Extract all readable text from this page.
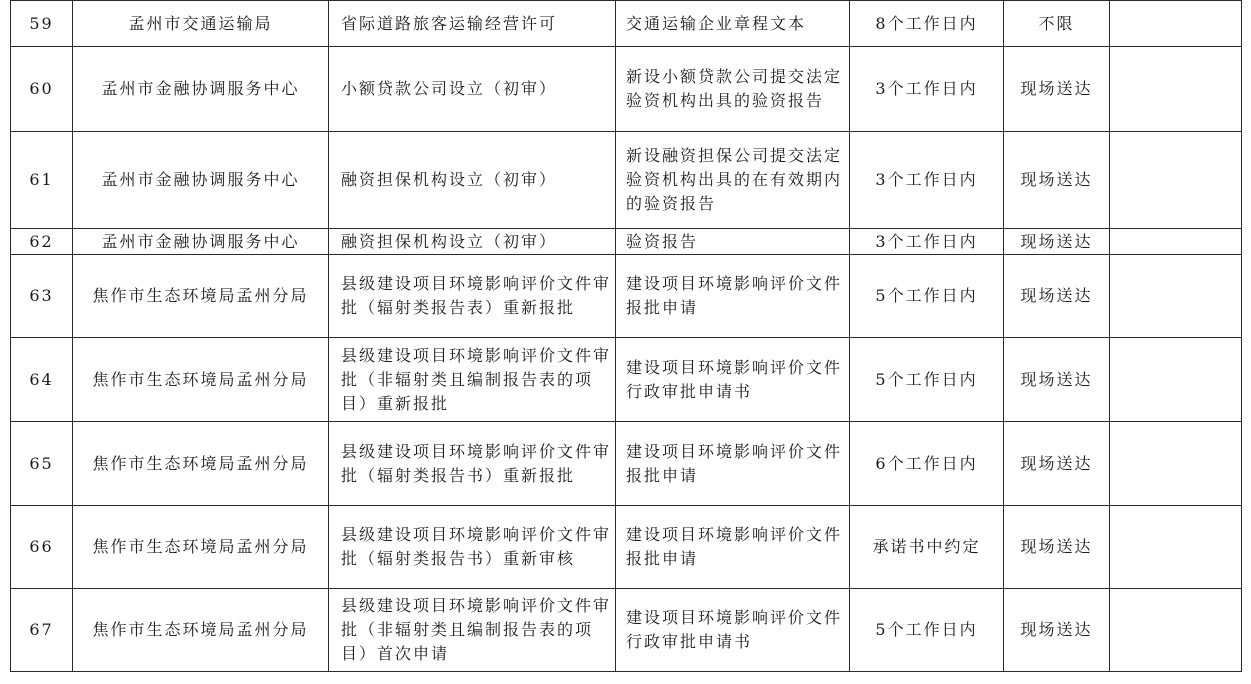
59	孟州市交通运输局	省际道路旅客运输经营许可	交通运输企业章程文本	8个工作日内	不限	
60	孟州市金融协调服务中心	小额贷款公司设立（初审）	新设小额贷款公司提交法定验资机构出具的验资报告	3个工作日内	现场送达	
61	孟州市金融协调服务中心	融资担保机构设立（初审）	新设融资担保公司提交法定验资机构出具的在有效期内的验资报告	3个工作日内	现场送达	
62	孟州市金融协调服务中心	融资担保机构设立（初审）	验资报告	3个工作日内	现场送达	
63	焦作市生态环境局孟州分局	县级建设项目环境影响评价文件审批（辐射类报告表）重新报批	建设项目环境影响评价文件报批申请	5个工作日内	现场送达	
64	焦作市生态环境局孟州分局	县级建设项目环境影响评价文件审批（非辐射类且编制报告表的项目）重新报批	建设项目环境影响评价文件行政审批申请书	5个工作日内	现场送达	
65	焦作市生态环境局孟州分局	县级建设项目环境影响评价文件审批（辐射类报告书）重新报批	建设项目环境影响评价文件报批申请	6个工作日内	现场送达	
66	焦作市生态环境局孟州分局	县级建设项目环境影响评价文件审批（辐射类报告书）重新审核	建设项目环境影响评价文件报批申请	承诺书中约定	现场送达	
67	焦作市生态环境局孟州分局	县级建设项目环境影响评价文件审批（非辐射类且编制报告表的项目）首次申请	建设项目环境影响评价文件行政审批申请书	5个工作日内	现场送达	
